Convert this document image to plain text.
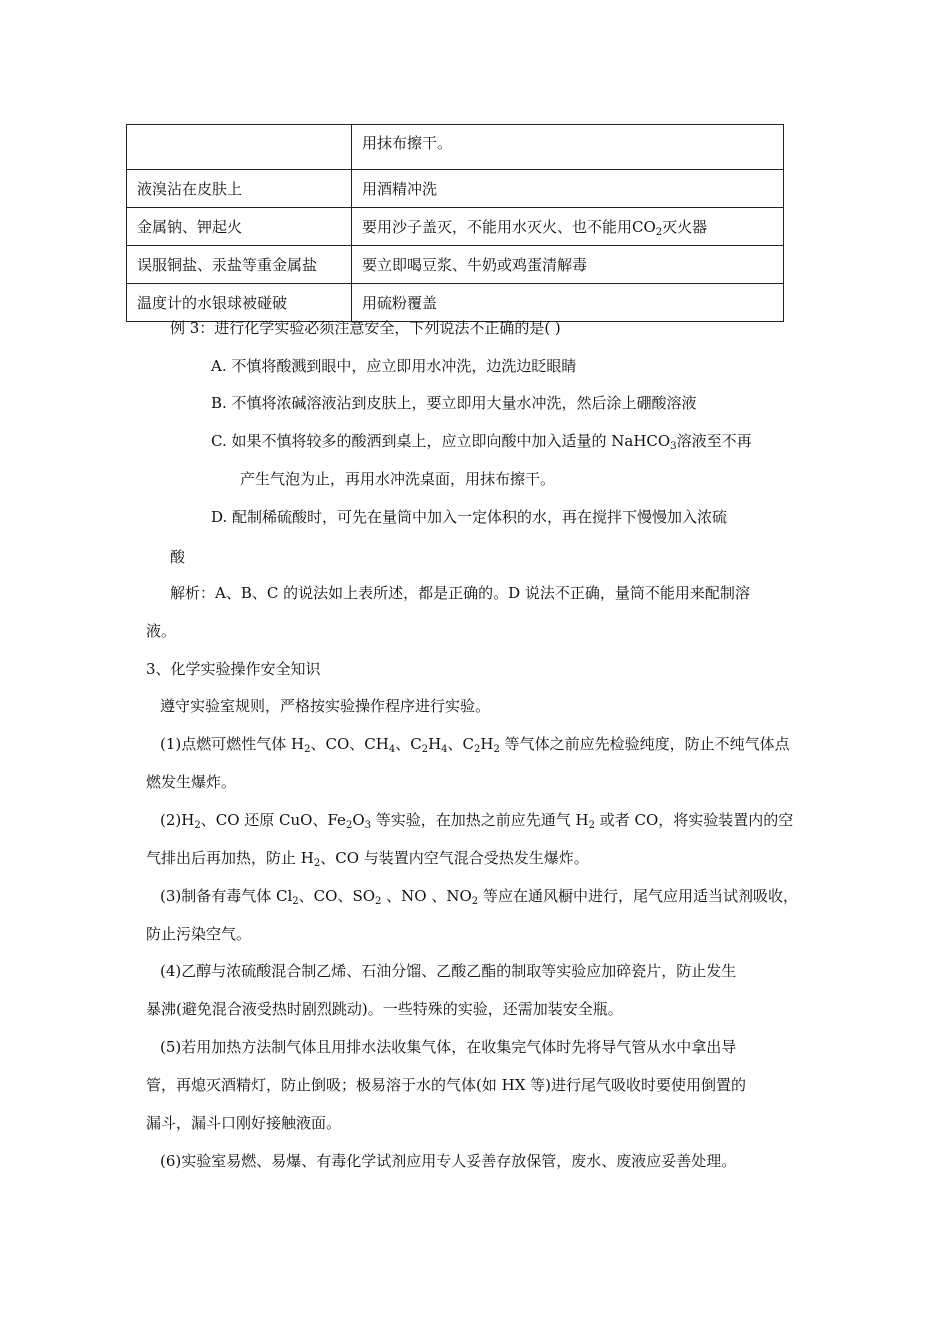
	用抹布擦干。
液溴沾在皮肤上	用酒精冲洗
金属钠、钾起火	要用沙子盖灭，不能用水灭火、也不能用$CO_2$灭火器
误服铜盐、汞盐等重金属盐	要立即喝豆浆、牛奶或鸡蛋清解毒
温度计的水银球被碰破	用硫粉覆盖
例 3：进行化学实验必须注意安全，下列说法不正确的是( )
A. 不慎将酸溅到眼中，应立即用水冲洗，边洗边眨眼睛
B. 不慎将浓碱溶液沾到皮肤上，要立即用大量水冲洗，然后涂上硼酸溶液
C. 如果不慎将较多的酸洒到桌上，应立即向酸中加入适量的 NaHCO$_3$溶液至不再
产生气泡为止，再用水冲洗桌面，用抹布擦干。
D. 配制稀硫酸时，可先在量筒中加入一定体积的水，再在搅拌下慢慢加入浓硫
酸
解析：A、B、C 的说法如上表所述，都是正确的。D 说法不正确，量筒不能用来配制溶
液。
3、化学实验操作安全知识
遵守实验室规则，严格按实验操作程序进行实验。
(1)点燃可燃性气体 $H_2$、CO、$CH_4$、$C_2H_4$、$C_2H_2$ 等气体之前应先检验纯度，防止不纯气体点
燃发生爆炸。
$(2)H_2$、CO 还原 CuO、$Fe_2O_3$ 等实验，在加热之前应先通气 $H_2$ 或者 CO，将实验装置内的空
气排出后再加热，防止 $H_2$、CO 与装置内空气混合受热发生爆炸。
(3)制备有毒气体 $Cl_2$、CO、$SO_2$ 、NO 、$NO_2$ 等应在通风橱中进行，尾气应用适当试剂吸收，
防止污染空气。
(4)乙醇与浓硫酸混合制乙烯、石油分馏、乙酸乙酯的制取等实验应加碎瓷片，防止发生
暴沸(避免混合液受热时剧烈跳动)。一些特殊的实验，还需加装安全瓶。
(5)若用加热方法制气体且用排水法收集气体，在收集完气体时先将导气管从水中拿出导
管，再熄灭酒精灯，防止倒吸；极易溶于水的气体(如 HX 等)进行尾气吸收时要使用倒置的
漏斗，漏斗口刚好接触液面。
(6)实验室易燃、易爆、有毒化学试剂应用专人妥善存放保管，废水、废液应妥善处理。
